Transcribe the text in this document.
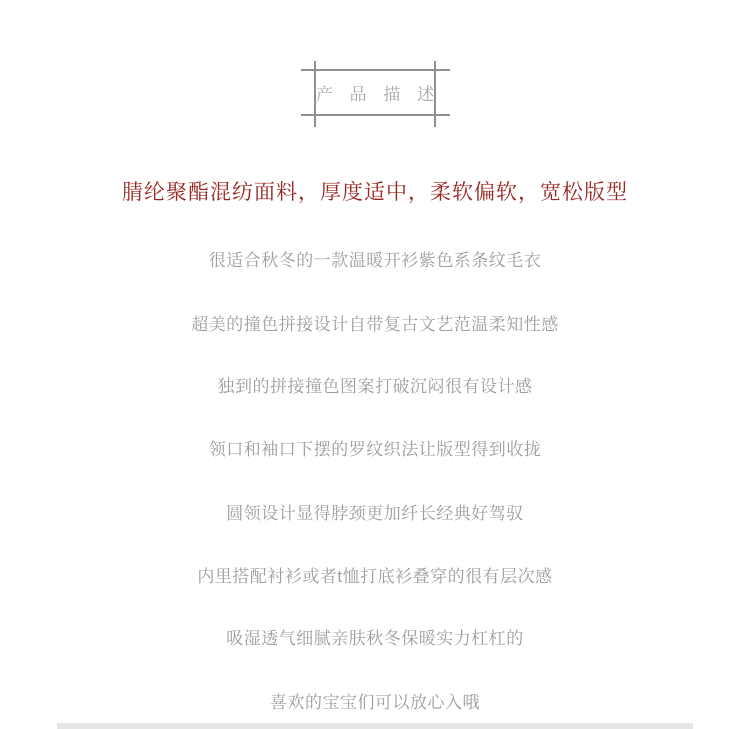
产 品 描 述
腈纶聚酯混纺面料，厚度适中，柔软偏软，宽松版型
很适合秋冬的一款温暖开衫紫色系条纹毛衣
超美的撞色拼接设计自带复古文艺范温柔知性感
独到的拼接撞色图案打破沉闷很有设计感
领口和袖口下摆的罗纹织法让版型得到收拢
圆领设计显得脖颈更加纤长经典好驾驭
内里搭配衬衫或者t恤打底衫叠穿的很有层次感
吸湿透气细腻亲肤秋冬保暖实力杠杠的
喜欢的宝宝们可以放心入哦
